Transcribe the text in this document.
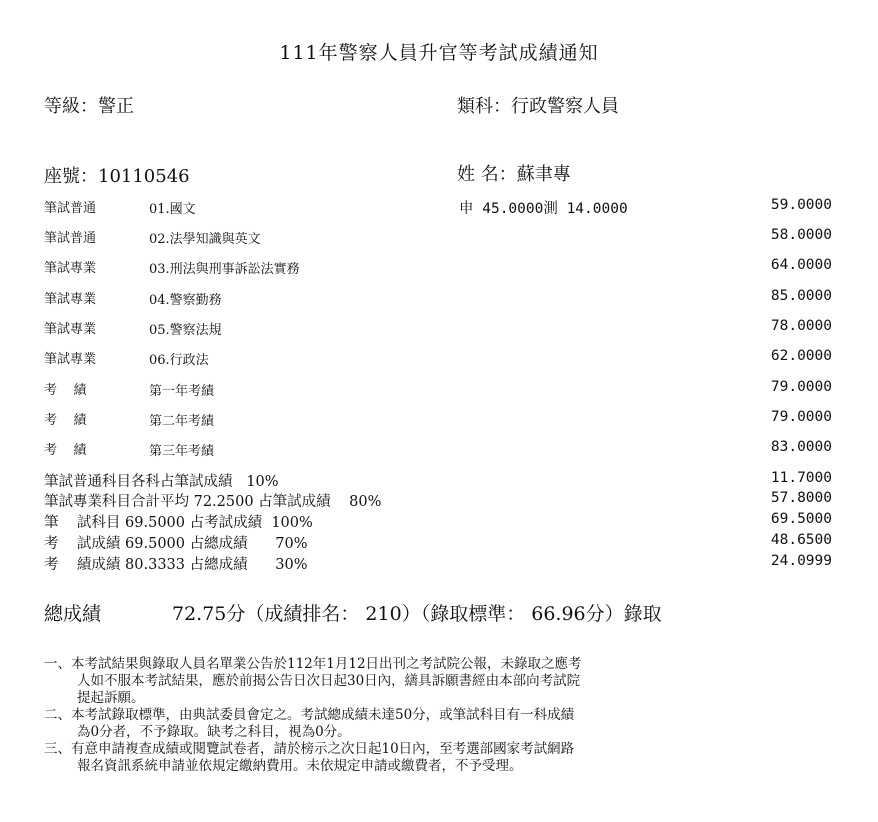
111年警察人員升官等考試成績通知
等級：警正	類科：行政警察人員
座號：10110546	姓 名：蘇聿專
申 45.0000測 14.0000
筆試普通	01.國文	59.0000
筆試普通	02.法學知識與英文	58.0000
筆試專業	03.刑法與刑事訴訟法實務	64.0000
筆試專業	04.警察勤務	85.0000
筆試專業	05.警察法規	78.0000
筆試專業	06.行政法	62.0000
考    績	第一年考績	79.0000
考    績	第二年考績	79.0000
考    績	第三年考績	83.0000
筆試普通科目各科占筆試成績   10%	11.7000
筆試專業科目合計平均 72.2500 占筆試成績    80%	57.8000
筆    試科目 69.5000 占考試成績  100%	69.5000
考    試成績 69.5000 占總成績      70%	48.6500
考    績成績 80.3333 占總成績      30%	24.0999
總成績	72.75分（成績排名： 210）（錄取標準： 66.96分）錄取
一、本考試結果與錄取人員名單業公告於112年1月12日出刊之考試院公報，未錄取之應考
人如不服本考試結果，應於前揭公告日次日起30日內，繕具訴願書經由本部向考試院
提起訴願。
二、本考試錄取標準，由典試委員會定之。考試總成績未達50分，或筆試科目有一科成績
為0分者，不予錄取。缺考之科目，視為0分。
三、有意申請複查成績或閱覽試卷者，請於榜示之次日起10日內，至考選部國家考試網路
報名資訊系統申請並依規定繳納費用。未依規定申請或繳費者，不予受理。
